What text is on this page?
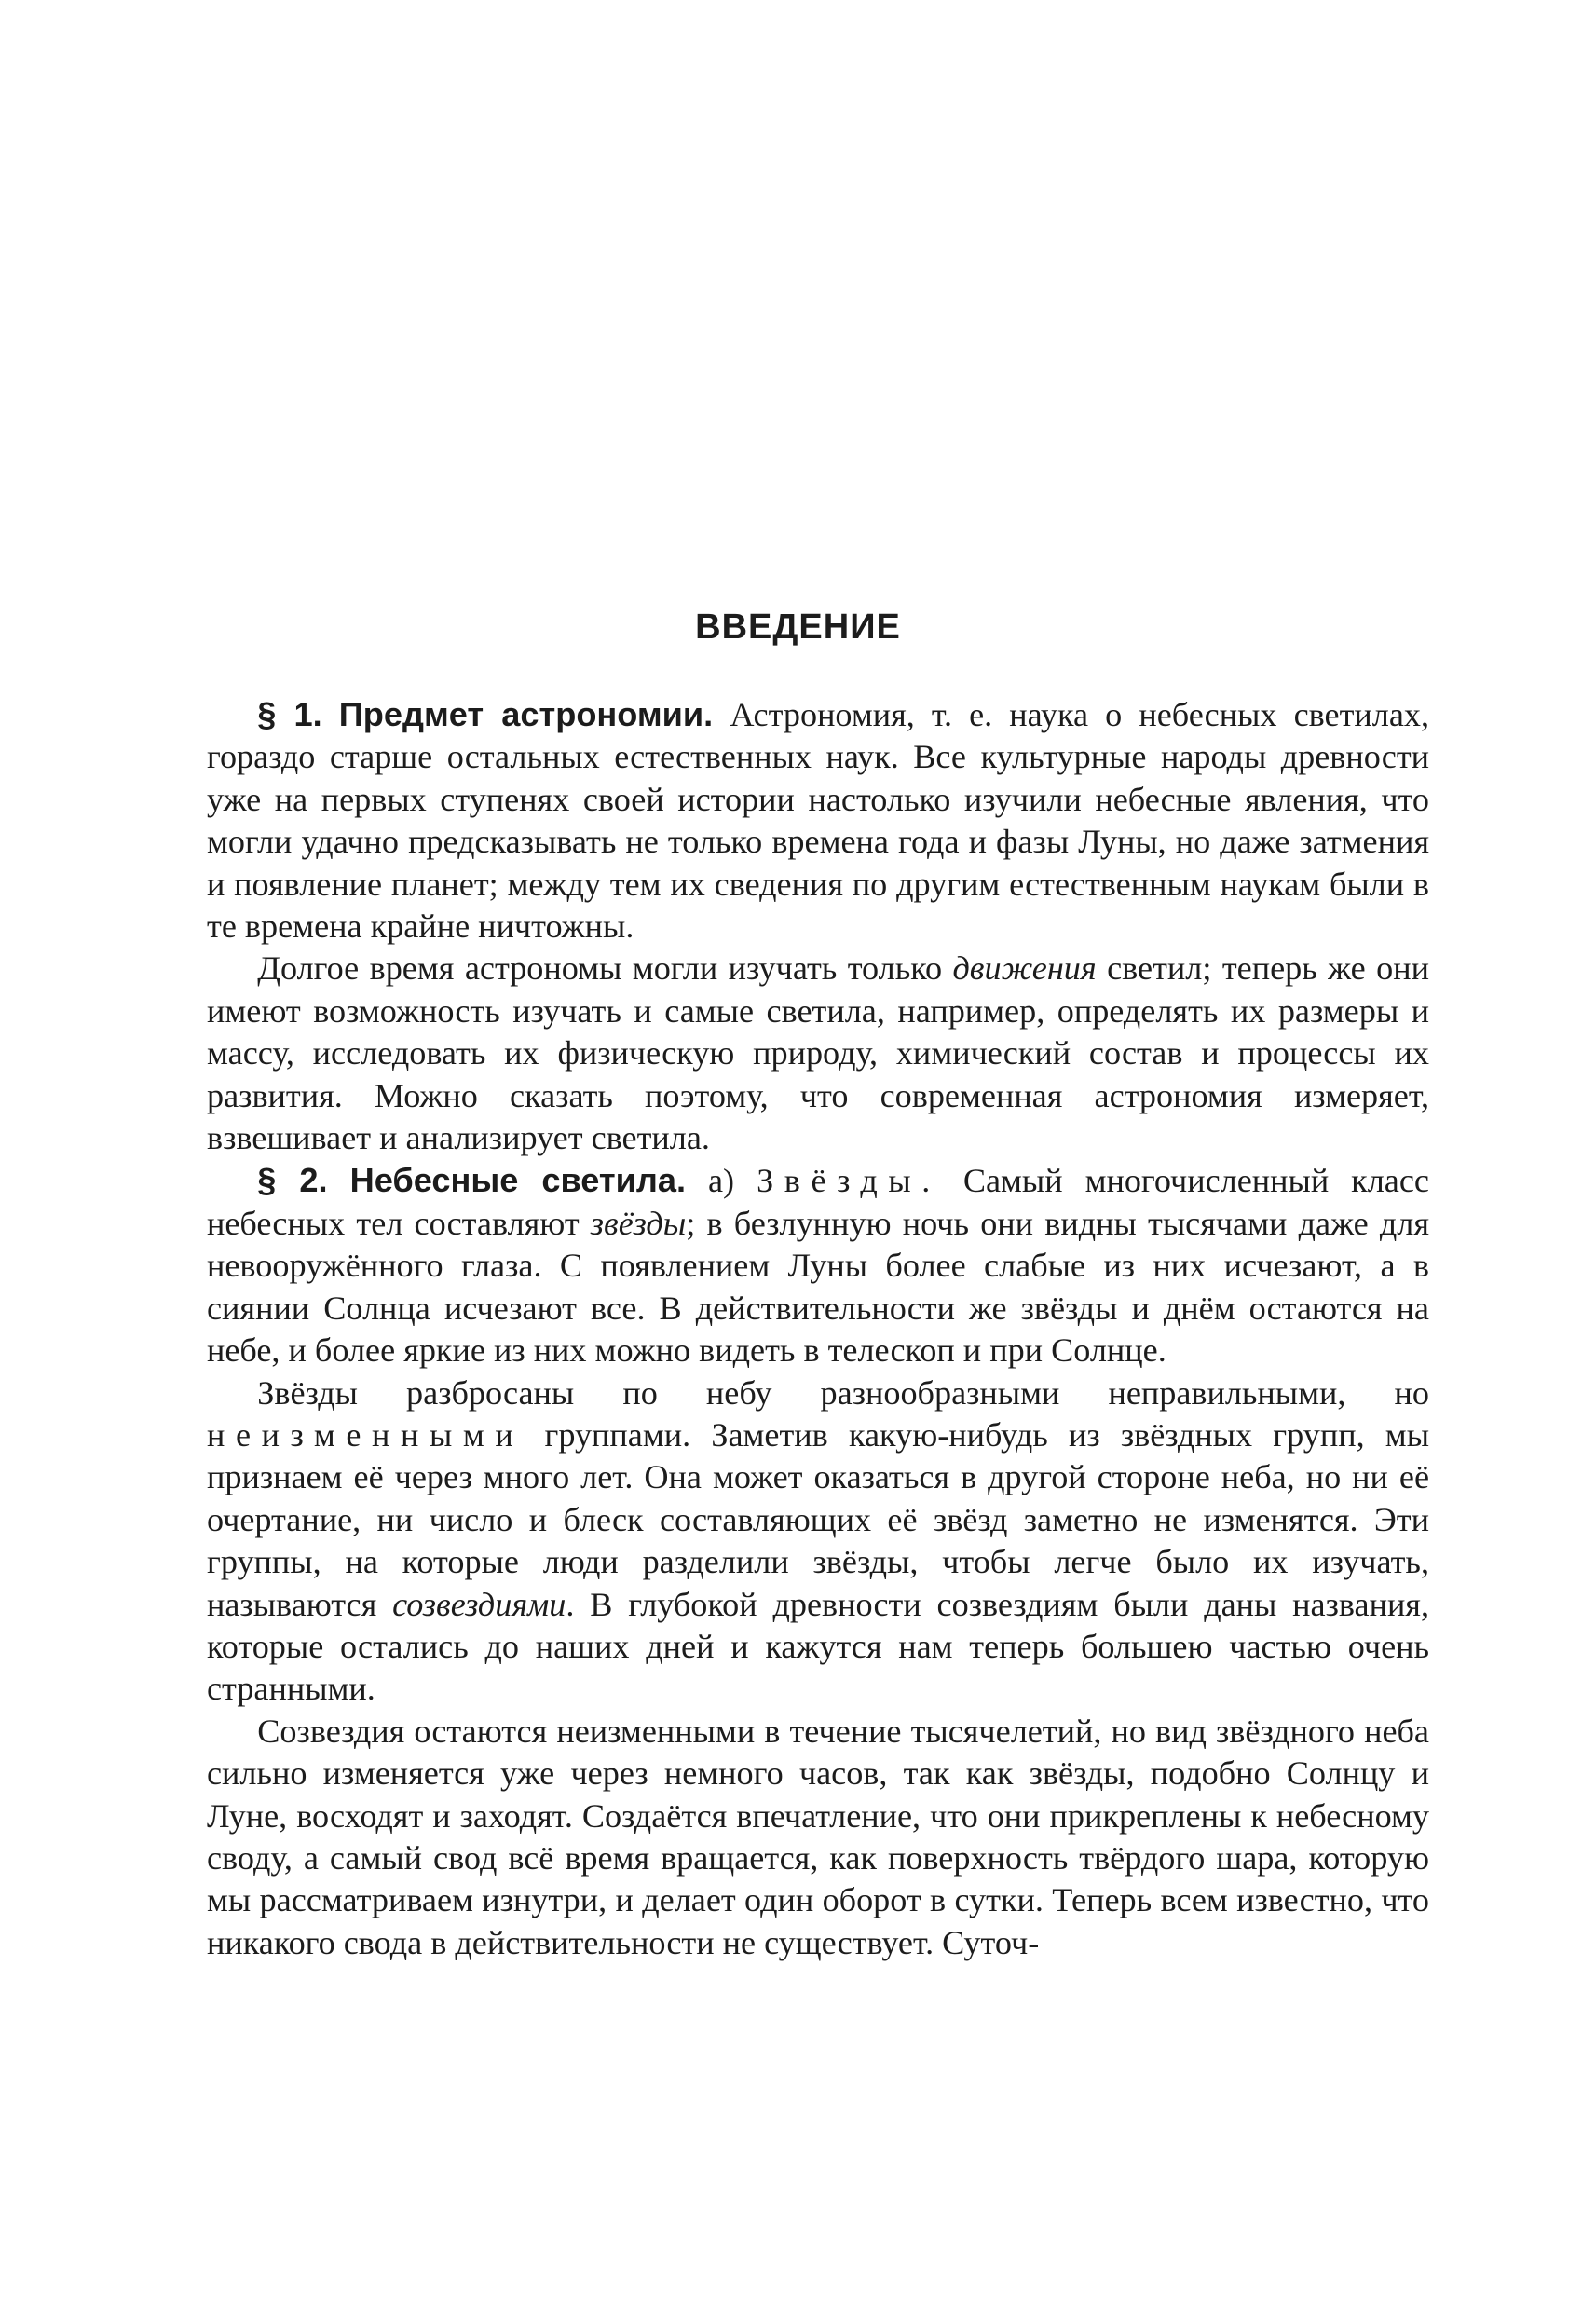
ВВЕДЕНИЕ

§ 1. Предмет астрономии. Астрономия, т. е. наука о небесных светилах, гораздо старше остальных естественных наук. Все культурные народы древности уже на первых ступенях своей истории настолько изучили небесные явления, что могли удачно предсказывать не только времена года и фазы Луны, но даже затмения и появление планет; между тем их сведения по другим естественным наукам были в те времена крайне ничтожны.

Долгое время астрономы могли изучать только движения светил; теперь же они имеют возможность изучать и самые светила, например, определять их размеры и массу, исследовать их физическую природу, химический состав и процессы их развития. Можно сказать поэтому, что современная астрономия измеряет, взвешивает и анализирует светила.

§ 2. Небесные светила. а) Звёзды. Самый многочисленный класс небесных тел составляют звёзды; в безлунную ночь они видны тысячами даже для невооружённого глаза. С появлением Луны более слабые из них исчезают, а в сиянии Солнца исчезают все. В действительности же звёзды и днём остаются на небе, и более яркие из них можно видеть в телескоп и при Солнце.

Звёзды разбросаны по небу разнообразными неправильными, но неизменными группами. Заметив какую-нибудь из звёздных групп, мы признаем её через много лет. Она может оказаться в другой стороне неба, но ни её очертание, ни число и блеск составляющих её звёзд заметно не изменятся. Эти группы, на которые люди разделили звёзды, чтобы легче было их изучать, называются созвездиями. В глубокой древности созвездиям были даны названия, которые остались до наших дней и кажутся нам теперь большею частью очень странными.

Созвездия остаются неизменными в течение тысячелетий, но вид звёздного неба сильно изменяется уже через немного часов, так как звёзды, подобно Солнцу и Луне, восходят и заходят. Создаётся впечатление, что они прикреплены к небесному своду, а самый свод всё время вращается, как поверхность твёрдого шара, которую мы рассматриваем изнутри, и делает один оборот в сутки. Теперь всем известно, что никакого свода в действительности не существует. Суточ-
